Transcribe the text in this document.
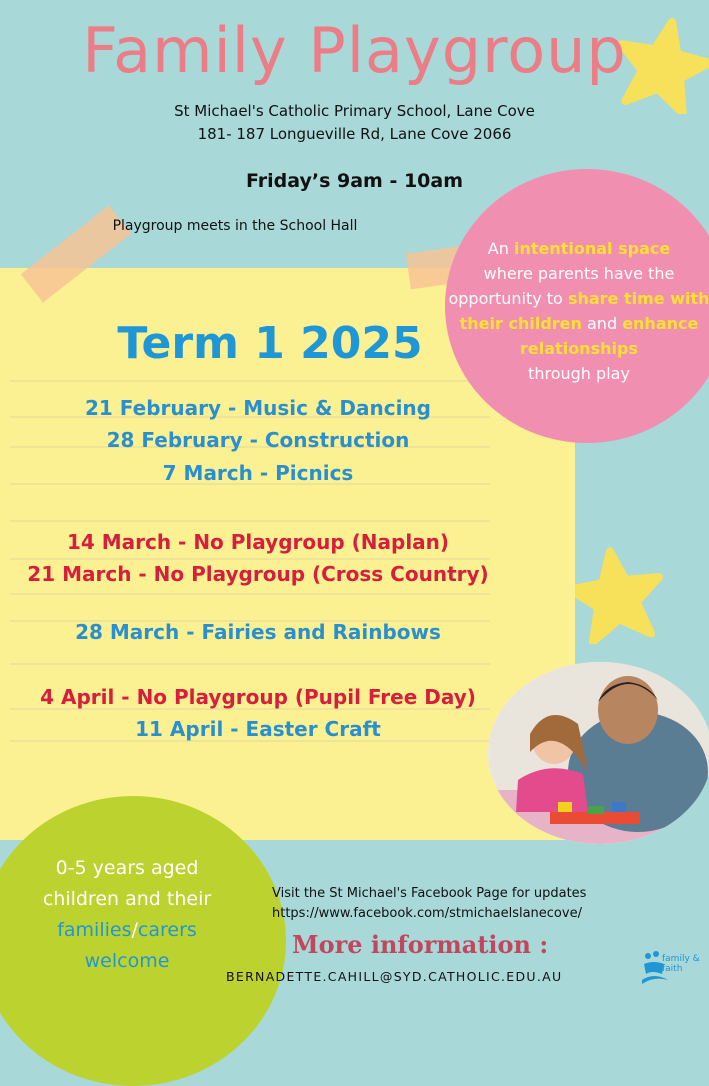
Family Playgroup
St Michael's Catholic Primary School, Lane Cove
181- 187 Longueville Rd, Lane Cove 2066
Friday’s 9am - 10am
Playgroup meets in the School Hall
Term 1 2025
21 February - Music & Dancing
28 February - Construction
7 March - Picnics
14 March - No Playgroup (Naplan)
21 March - No Playgroup (Cross Country)
28 March - Fairies and Rainbows
4 April - No Playgroup (Pupil Free Day)
11 April - Easter Craft
An intentional space
where parents have the opportunity to share time with their children and enhance relationships
through play
0-5 years aged
children and their
families/carers
welcome
Visit the St Michael's Facebook Page for updates
https://www.facebook.com/stmichaelslanecove/
More information :
BERNADETTE.CAHILL@SYD.CATHOLIC.EDU.AU
family & faith
